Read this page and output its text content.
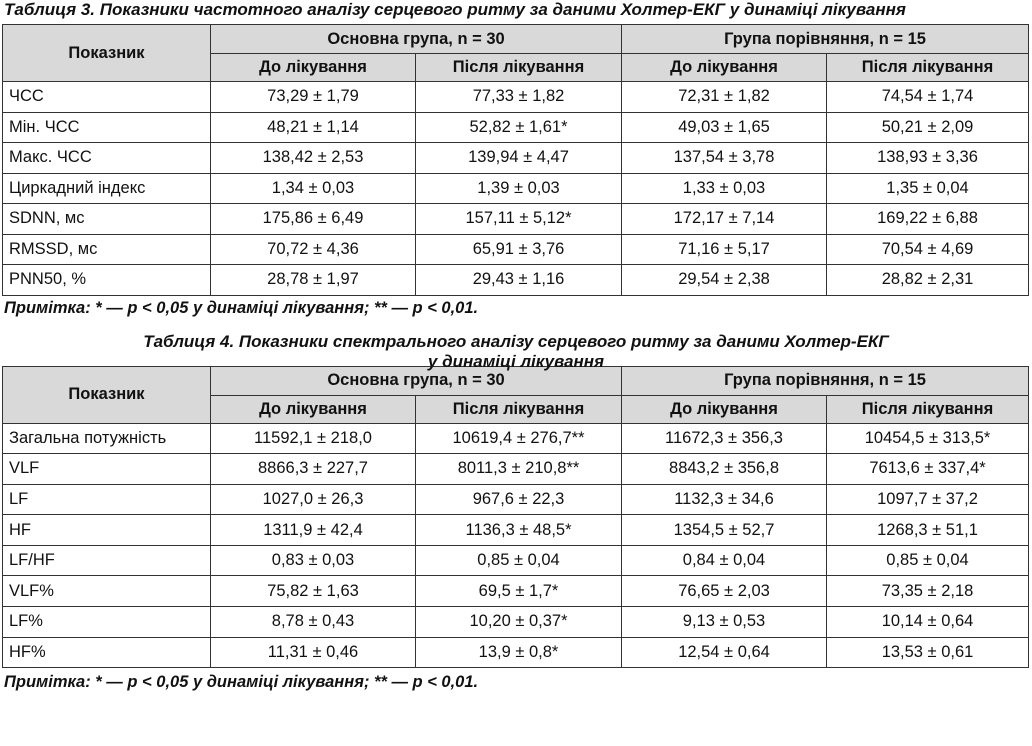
Таблиця 3. Показники частотного аналізу серцевого ритму за даними Холтер-ЕКГ у динаміці лікування
Показник	Основна група, n = 30		Група порівняння, n = 15	
	До лікування	Після лікування	До лікування	Після лікування
ЧСС	73,29 ± 1,79	77,33 ± 1,82	72,31 ± 1,82	74,54 ± 1,74
Мін. ЧСС	48,21 ± 1,14	52,82 ± 1,61*	49,03 ± 1,65	50,21 ± 2,09
Макс. ЧСС	138,42 ± 2,53	139,94 ± 4,47	137,54 ± 3,78	138,93 ± 3,36
Циркадний індекс	1,34 ± 0,03	1,39 ± 0,03	1,33 ± 0,03	1,35 ± 0,04
SDNN, мс	175,86 ± 6,49	157,11 ± 5,12*	172,17 ± 7,14	169,22 ± 6,88
RMSSD, мс	70,72 ± 4,36	65,91 ± 3,76	71,16 ± 5,17	70,54 ± 4,69
PNN50, %	28,78 ± 1,97	29,43 ± 1,16	29,54 ± 2,38	28,82 ± 2,31
Примітка: * — p < 0,05 у динаміці лікування; ** — p < 0,01.
Таблиця 4. Показники спектрального аналізу серцевого ритму за даними Холтер-ЕКГ
у динаміці лікування
Показник	Основна група, n = 30		Група порівняння, n = 15	
	До лікування	Після лікування	До лікування	Після лікування
Загальна потужність	11592,1 ± 218,0	10619,4 ± 276,7**	11672,3 ± 356,3	10454,5 ± 313,5*
VLF	8866,3 ± 227,7	8011,3 ± 210,8**	8843,2 ± 356,8	7613,6 ± 337,4*
LF	1027,0 ± 26,3	967,6 ± 22,3	1132,3 ± 34,6	1097,7 ± 37,2
HF	1311,9 ± 42,4	1136,3 ± 48,5*	1354,5 ± 52,7	1268,3 ± 51,1
LF/HF	0,83 ± 0,03	0,85 ± 0,04	0,84 ± 0,04	0,85 ± 0,04
VLF%	75,82 ± 1,63	69,5 ± 1,7*	76,65 ± 2,03	73,35 ± 2,18
LF%	8,78 ± 0,43	10,20 ± 0,37*	9,13 ± 0,53	10,14 ± 0,64
HF%	11,31 ± 0,46	13,9 ± 0,8*	12,54 ± 0,64	13,53 ± 0,61
Примітка: * — p < 0,05 у динаміці лікування; ** — p < 0,01.
